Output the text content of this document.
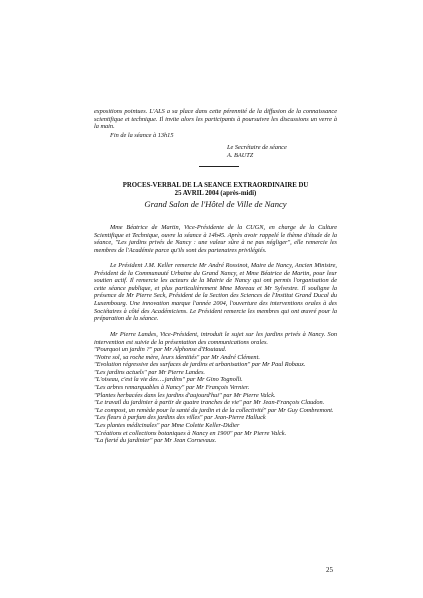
expositions pointues. L'ALS a sa place dans cette pérennité de la diffusion de la connaissance scientifique et technique. Il invite alors les participants à poursuivre les discussions un verre à la main.
Fin de la séance à 13h15
Le Secrétaire de séance
A. BAUTZ
PROCES-VERBAL DE LA SEANCE EXTRAORDINAIRE DU
25 AVRIL 2004 (après-midi)
Grand Salon de l'Hôtel de Ville de Nancy
Mme Béatrice de Martin, Vice-Présidente de la CUGN, en charge de la Culture Scientifique et Technique, ouvre la séance à 14h45. Après avoir rappelé le thème d'étude de la séance, "Les jardins privés de Nancy : une valeur sûre à ne pas négliger", elle remercie les membres de l'Académie parce qu'ils sont des partenaires privilégiés.
Le Président J.M. Keller remercie Mr André Rossinot, Maire de Nancy, Ancien Ministre, Président de la Communauté Urbaine du Grand Nancy, et Mme Béatrice de Martin, pour leur soutien actif. Il remercie les acteurs de la Mairie de Nancy qui ont permis l'organisation de cette séance publique, et plus particulièrement Mme Moreau et Mr Sylvestre. Il souligne la présence de Mr Pierre Seck, Président de la Section des Sciences de l'Institut Grand Ducal du Luxembourg. Une innovation marque l'année 2004, l'ouverture des interventions orales à des Sociétaires à côté des Académiciens. Le Président remercie les membres qui ont œuvré pour la préparation de la séance.
Mr Pierre Landes, Vice-Président, introduit le sujet sur les jardins privés à Nancy. Son intervention est suivie de la présentation des communications orales.
"Pourquoi un jardin ?" par Mr Alphonse d'Houtaud.
"Notre sol, sa roche mère, leurs identités" par Mr André Clément.
"Evolution régressive des surfaces de jardins et urbanisation" par Mr Paul Robaux.
"Les jardins actuels" par Mr Pierre Landes.
"L'oiseau, c'est la vie des….jardins" par Mr Gino Tognolli.
"Les arbres remarquables à Nancy" par Mr François Vernier.
"Plantes herbacées dans les jardins d'aujourd'hui" par Mr Pierre Valck.
"Le travail du jardinier à partir de quatre tranches de vie" par Mr Jean-François Claudon.
"Le compost, un remède pour la santé du jardin et de la collectivité" par Mr Guy Combremont.
"Les fleurs à parfum des jardins des villes" par Jean-Pierre Halluck
"Les plantes médicinales" par Mme Colette Keller-Didier
"Créations et collections botaniques à Nancy en 1900" par Mr Pierre Valck.
"La fierté du jardinier" par Mr Jean Cornevaux.
25
